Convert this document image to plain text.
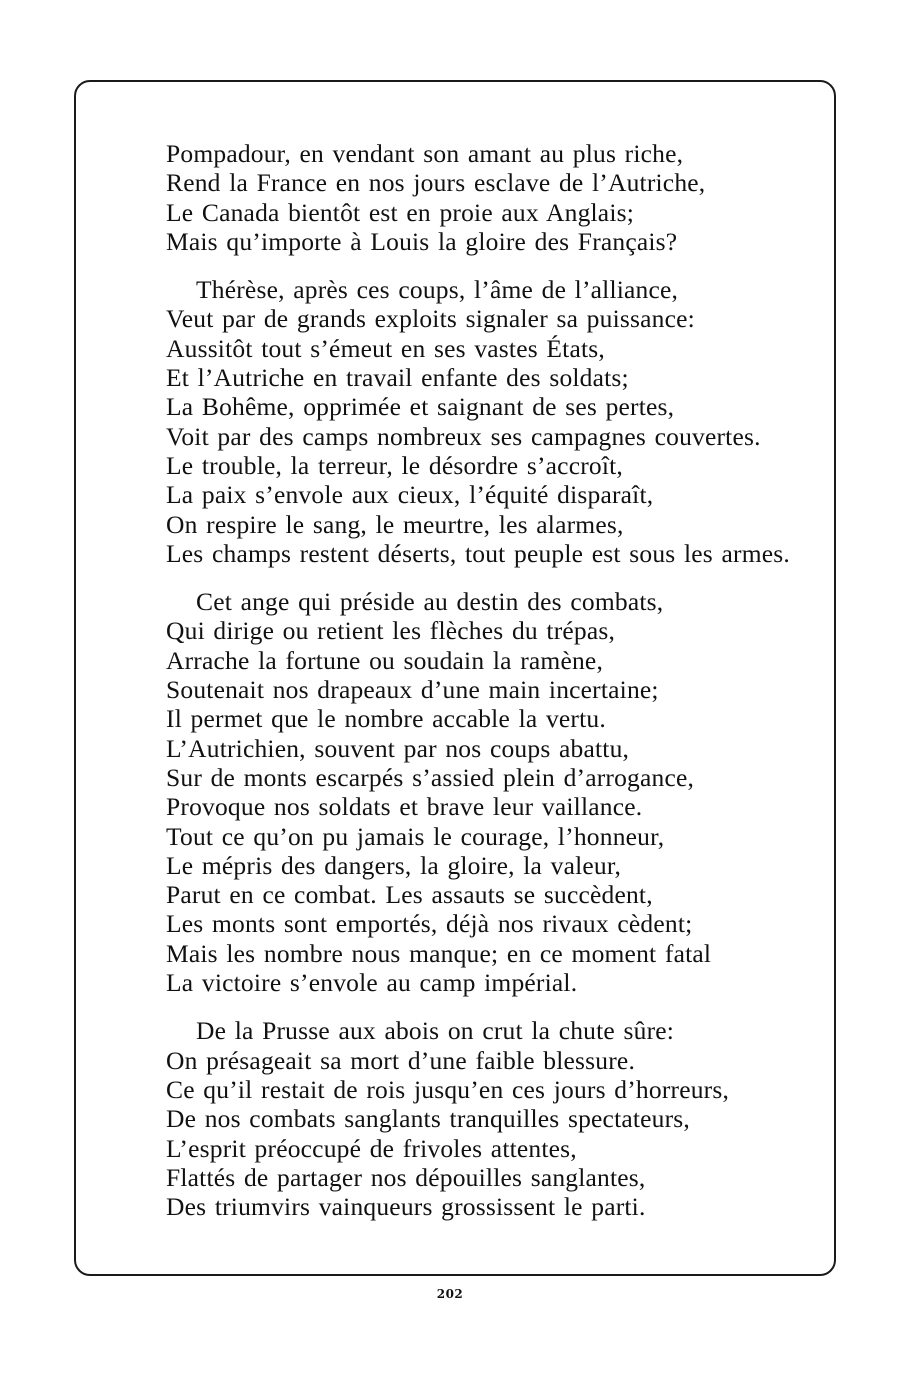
Pompadour, en vendant son amant au plus riche,
Rend la France en nos jours esclave de l’Autriche,
Le Canada bientôt est en proie aux Anglais;
Mais qu’importe à Louis la gloire des Français?
Thérèse, après ces coups, l’âme de l’alliance,
Veut par de grands exploits signaler sa puissance:
Aussitôt tout s’émeut en ses vastes États,
Et l’Autriche en travail enfante des soldats;
La Bohême, opprimée et saignant de ses pertes,
Voit par des camps nombreux ses campagnes couvertes.
Le trouble, la terreur, le désordre s’accroît,
La paix s’envole aux cieux, l’équité disparaît,
On respire le sang, le meurtre, les alarmes,
Les champs restent déserts, tout peuple est sous les armes.
Cet ange qui préside au destin des combats,
Qui dirige ou retient les flèches du trépas,
Arrache la fortune ou soudain la ramène,
Soutenait nos drapeaux d’une main incertaine;
Il permet que le nombre accable la vertu.
L’Autrichien, souvent par nos coups abattu,
Sur de monts escarpés s’assied plein d’arrogance,
Provoque nos soldats et brave leur vaillance.
Tout ce qu’on pu jamais le courage, l’honneur,
Le mépris des dangers, la gloire, la valeur,
Parut en ce combat. Les assauts se succèdent,
Les monts sont emportés, déjà nos rivaux cèdent;
Mais les nombre nous manque; en ce moment fatal
La victoire s’envole au camp impérial.
De la Prusse aux abois on crut la chute sûre:
On présageait sa mort d’une faible blessure.
Ce qu’il restait de rois jusqu’en ces jours d’horreurs,
De nos combats sanglants tranquilles spectateurs,
L’esprit préoccupé de frivoles attentes,
Flattés de partager nos dépouilles sanglantes,
Des triumvirs vainqueurs grossissent le parti.
202
